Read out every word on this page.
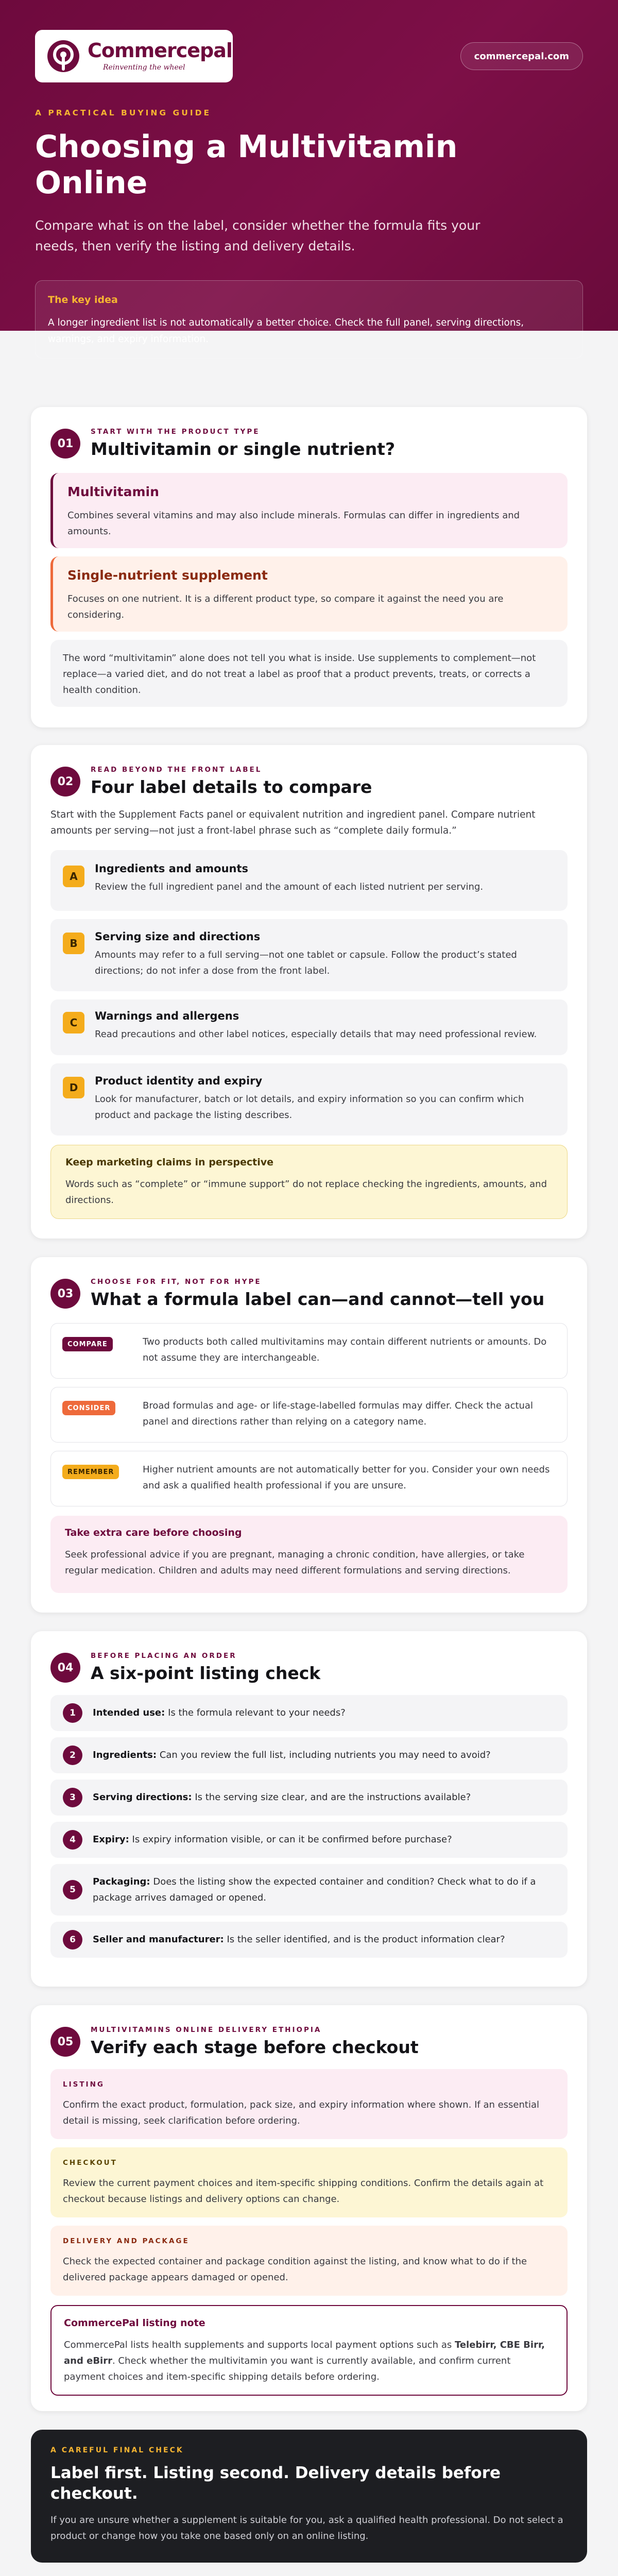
Commercepal
Reinventing the wheel
commercepal.com
A PRACTICAL BUYING GUIDE
Choosing a Multivitamin Online

Compare what is on the label, consider whether the formula fits your needs, then verify the listing and delivery details.

The key idea
A longer ingredient list is not automatically a better choice. Check the full panel, serving directions, warnings, and expiry information.
01
START WITH THE PRODUCT TYPE
Multivitamin or single nutrient?
Multivitamin
Combines several vitamins and may also include minerals. Formulas can differ in ingredients and amounts.
Single-nutrient supplement
Focuses on one nutrient. It is a different product type, so compare it against the need you are considering.
The word “multivitamin” alone does not tell you what is inside. Use supplements to complement—not replace—a varied diet, and do not treat a label as proof that a product prevents, treats, or corrects a health condition.
02
READ BEYOND THE FRONT LABEL
Four label details to compare

Start with the Supplement Facts panel or equivalent nutrition and ingredient panel. Compare nutrient amounts per serving—not just a front-label phrase such as “complete daily formula.”

A
Ingredients and amounts
Review the full ingredient panel and the amount of each listed nutrient per serving.
B
Serving size and directions
Amounts may refer to a full serving—not one tablet or capsule. Follow the product’s stated directions; do not infer a dose from the front label.
C
Warnings and allergens
Read precautions and other label notices, especially details that may need professional review.
D
Product identity and expiry
Look for manufacturer, batch or lot details, and expiry information so you can confirm which product and package the listing describes.
Keep marketing claims in perspective
Words such as “complete” or “immune support” do not replace checking the ingredients, amounts, and directions.
03
CHOOSE FOR FIT, NOT FOR HYPE
What a formula label can—and cannot—tell you
COMPARE	Two products both called multivitamins may contain different nutrients or amounts. Do not assume they are interchangeable.
CONSIDER	Broad formulas and age- or life-stage-labelled formulas may differ. Check the actual panel and directions rather than relying on a category name.
REMEMBER	Higher nutrient amounts are not automatically better for you. Consider your own needs and ask a qualified health professional if you are unsure.
Take extra care before choosing
Seek professional advice if you are pregnant, managing a chronic condition, have allergies, or take regular medication. Children and adults may need different formulations and serving directions.
04
BEFORE PLACING AN ORDER
A six-point listing check
1	Intended use: Is the formula relevant to your needs?
2	Ingredients: Can you review the full list, including nutrients you may need to avoid?
3	Serving directions: Is the serving size clear, and are the instructions available?
4	Expiry: Is expiry information visible, or can it be confirmed before purchase?
5
Packaging: Does the listing show the expected container and condition? Check what to do if a package arrives damaged or opened.
6	Seller and manufacturer: Is the seller identified, and is the product information clear?
05
MULTIVITAMINS ONLINE DELIVERY ETHIOPIA
Verify each stage before checkout
LISTING
Confirm the exact product, formulation, pack size, and expiry information where shown. If an essential detail is missing, seek clarification before ordering.
CHECKOUT
Review the current payment choices and item-specific shipping conditions. Confirm the details again at checkout because listings and delivery options can change.
DELIVERY AND PACKAGE
Check the expected container and package condition against the listing, and know what to do if the delivered package appears damaged or opened.
CommercePal listing note
CommercePal lists health supplements and supports local payment options such as Telebirr, CBE Birr, and eBirr. Check whether the multivitamin you want is currently available, and confirm current payment choices and item-specific shipping details before ordering.
A CAREFUL FINAL CHECK
Label first. Listing second. Delivery details before checkout.
If you are unsure whether a supplement is suitable for you, ask a qualified health professional. Do not select a product or change how you take one based only on an online listing.
